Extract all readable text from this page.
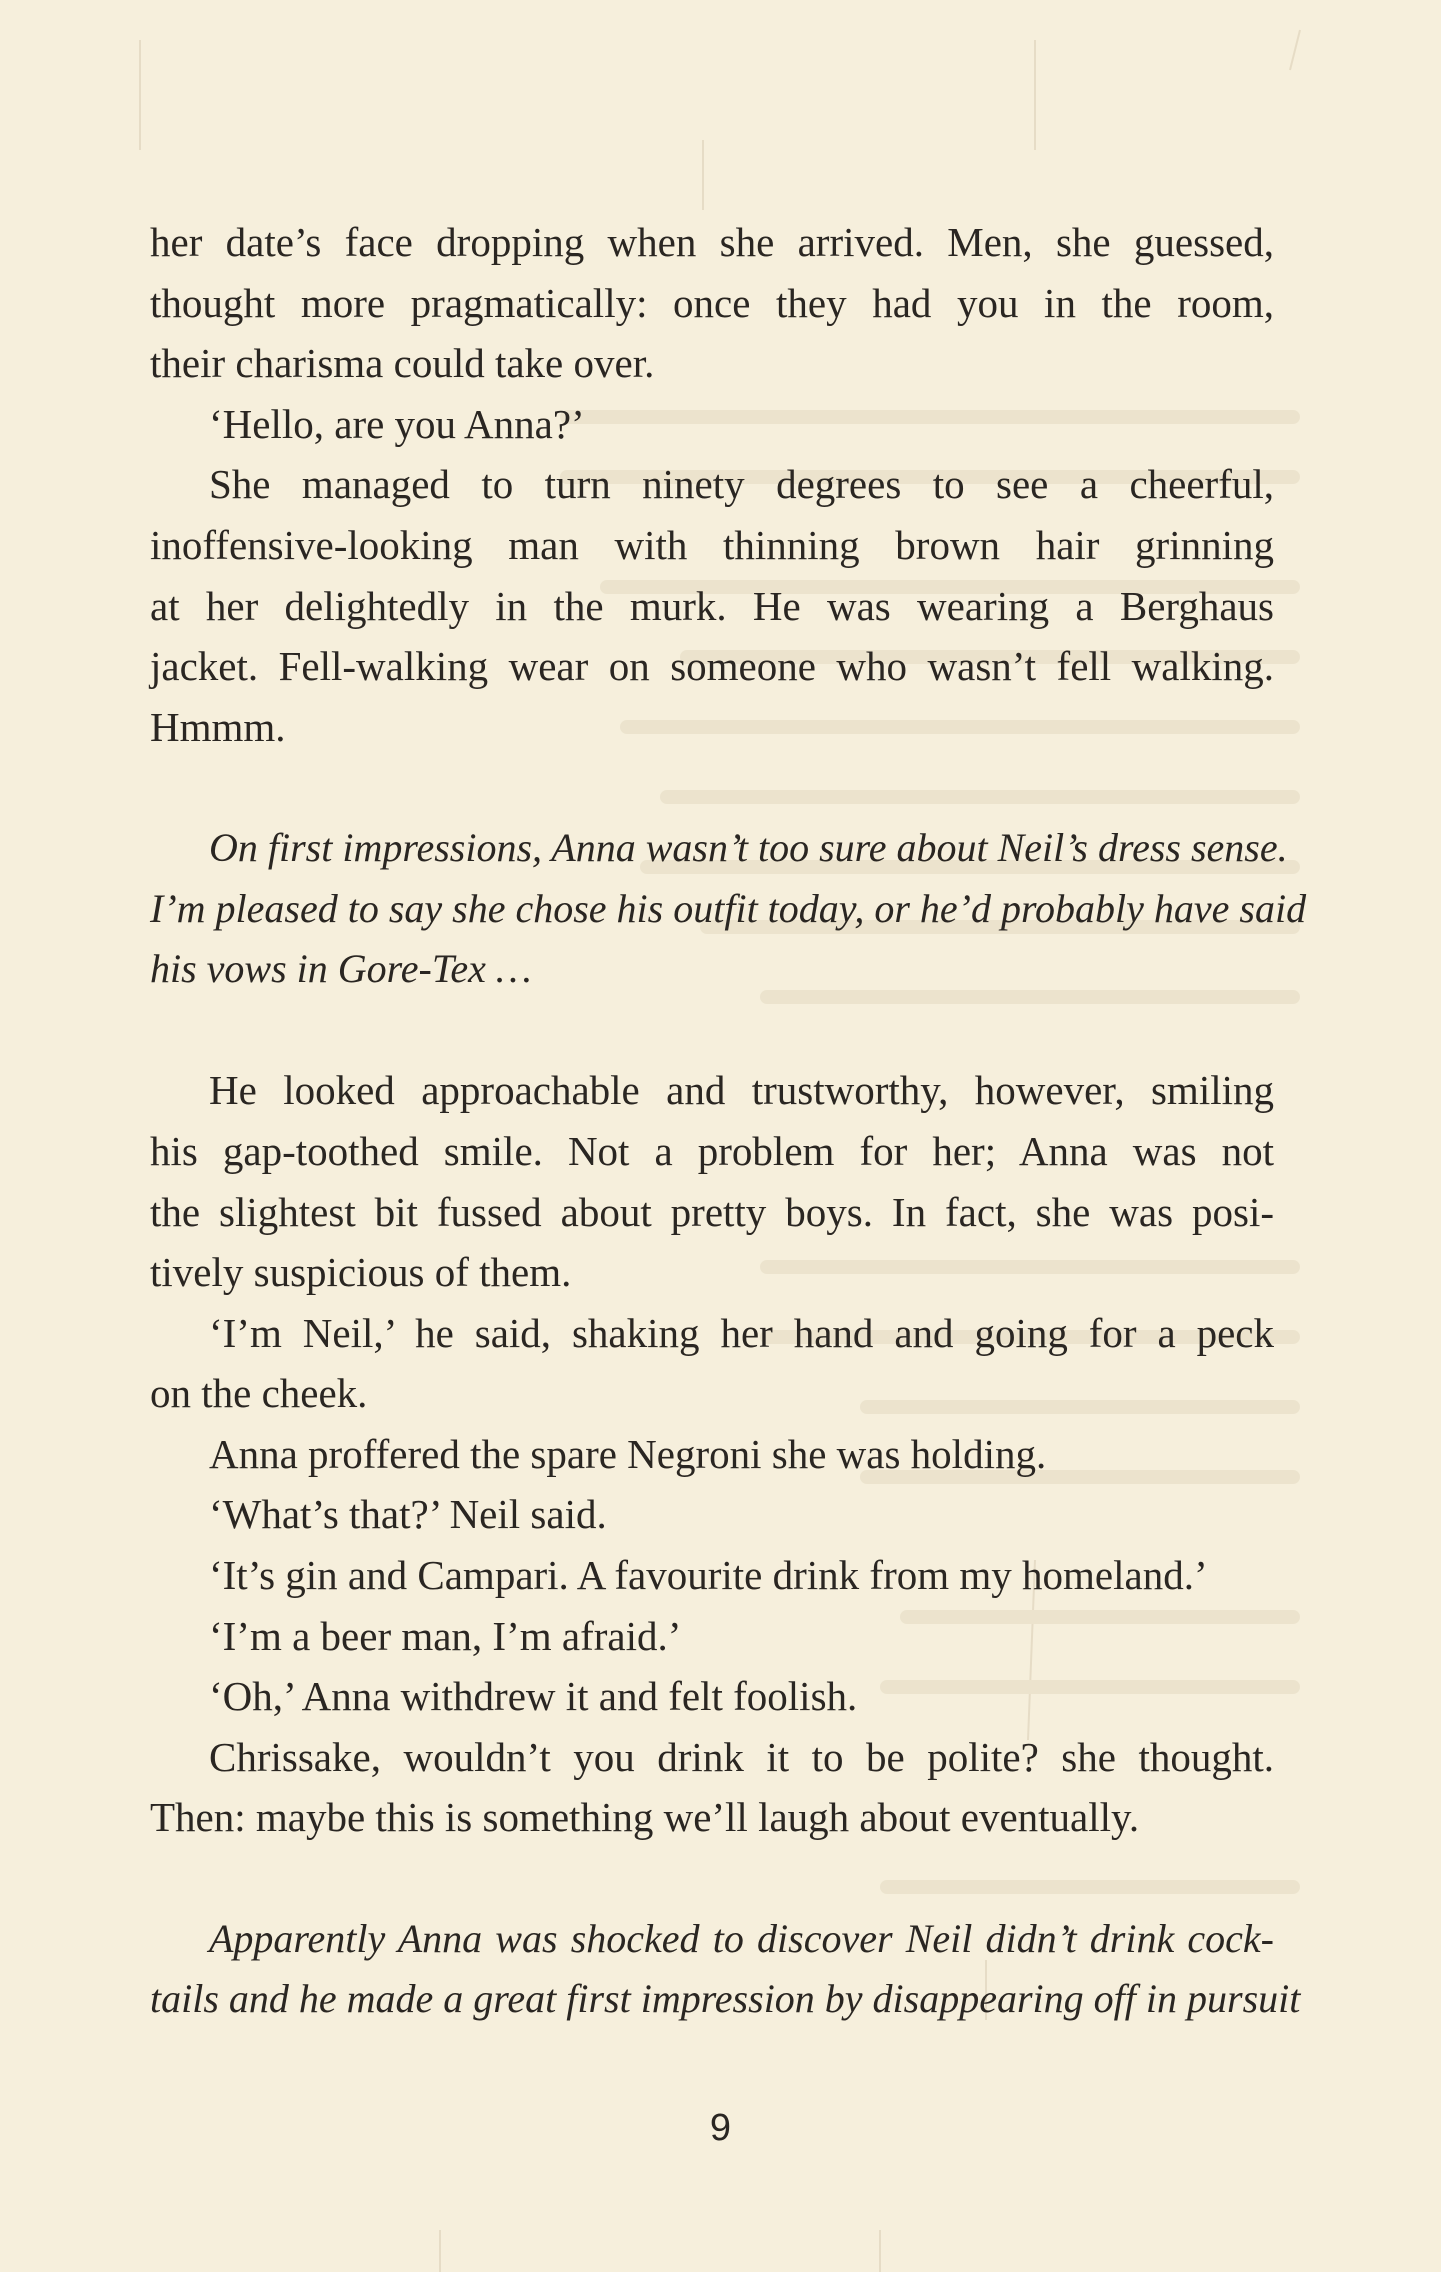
her date’s face dropping when she arrived. Men, she guessed,
thought more pragmatically: once they had you in the room,
their charisma could take over.
‘Hello, are you Anna?’
She managed to turn ninety degrees to see a cheerful,
inoffensive-looking man with thinning brown hair grinning
at her delightedly in the murk. He was wearing a Berghaus
jacket. Fell-walking wear on someone who wasn’t fell walking.
Hmmm.
On first impressions, Anna wasn’t too sure about Neil’s dress sense.
I’m pleased to say she chose his outfit today, or he’d probably have said
his vows in Gore-Tex …
He looked approachable and trustworthy, however, smiling
his gap-toothed smile. Not a problem for her; Anna was not
the slightest bit fussed about pretty boys. In fact, she was posi-
tively suspicious of them.
‘I’m Neil,’ he said, shaking her hand and going for a peck
on the cheek.
Anna proffered the spare Negroni she was holding.
‘What’s that?’ Neil said.
‘It’s gin and Campari. A favourite drink from my homeland.’
‘I’m a beer man, I’m afraid.’
‘Oh,’ Anna withdrew it and felt foolish.
Chrissake, wouldn’t you drink it to be polite? she thought.
Then: maybe this is something we’ll laugh about eventually.
Apparently Anna was shocked to discover Neil didn’t drink cock-
tails and he made a great first impression by disappearing off in pursuit
9
